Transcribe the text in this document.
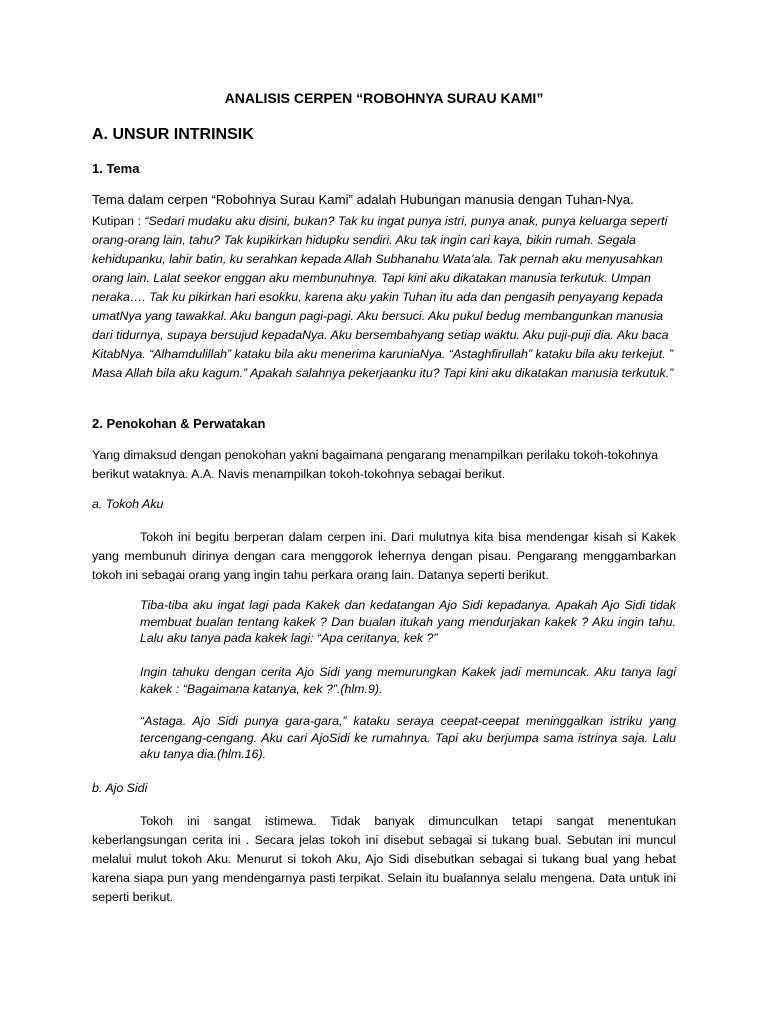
ANALISIS CERPEN “ROBOHNYA SURAU KAMI”
A. UNSUR INTRINSIK
1. Tema
Tema dalam cerpen “Robohnya Surau Kami” adalah Hubungan manusia dengan Tuhan-Nya.
Kutipan : “Sedari mudaku aku disini, bukan? Tak ku ingat punya istri, punya anak, punya keluarga seperti orang-orang lain, tahu? Tak kupikirkan hidupku sendiri. Aku tak ingin cari kaya, bikin rumah. Segala kehidupanku, lahir batin, ku serahkan kepada Allah Subhanahu Wata’ala. Tak pernah aku menyusahkan orang lain. Lalat seekor enggan aku membunuhnya. Tapi kini aku dikatakan manusia terkutuk. Umpan neraka…. Tak ku pikirkan hari esokku, karena aku yakin Tuhan itu ada dan pengasih penyayang kepada umatNya yang tawakkal. Aku bangun pagi-pagi. Aku bersuci. Aku pukul bedug membangunkan manusia dari tidurnya, supaya bersujud kepadaNya. Aku bersembahyang setiap waktu. Aku puji-puji dia. Aku baca KitabNya. “Alhamdulillah” kataku bila aku menerima karuniaNya. “Astaghfirullah” kataku bila aku terkejut. ” Masa Allah bila aku kagum.” Apakah salahnya pekerjaanku itu? Tapi kini aku dikatakan manusia terkutuk.”
2. Penokohan & Perwatakan
Yang dimaksud dengan penokohan yakni bagaimana pengarang menampilkan perilaku tokoh-tokohnya berikut wataknya. A.A. Navis menampilkan tokoh-tokohnya sebagai berikut.
a. Tokoh Aku
Tokoh ini begitu berperan dalam cerpen ini. Dari mulutnya kita bisa mendengar kisah si Kakek yang membunuh dirinya dengan cara menggorok lehernya dengan pisau. Pengarang menggambarkan tokoh ini sebagai orang yang ingin tahu perkara orang lain. Datanya seperti berikut.
Tiba-tiba aku ingat lagi pada Kakek dan kedatangan Ajo Sidi kepadanya. Apakah Ajo Sidi tidak membuat bualan tentang kakek ? Dan bualan itukah yang mendurjakan kakek ? Aku ingin tahu. Lalu aku tanya pada kakek lagi: “Apa ceritanya, kek ?”
Ingin tahuku dengan cerita Ajo Sidi yang memurungkan Kakek jadi memuncak. Aku tanya lagi kakek : “Bagaimana katanya, kek ?”.(hlm.9).
“Astaga. Ajo Sidi punya gara-gara,” kataku seraya ceepat-ceepat meninggalkan istriku yang tercengang-cengang. Aku cari AjoSidi ke rumahnya. Tapi aku berjumpa sama istrinya saja. Lalu aku tanya dia.(hlm.16).
b. Ajo Sidi
Tokoh ini sangat istimewa. Tidak banyak dimunculkan tetapi sangat menentukan keberlangsungan cerita ini . Secara jelas tokoh ini disebut sebagai si tukang bual. Sebutan ini muncul melalui mulut tokoh Aku. Menurut si tokoh Aku, Ajo Sidi disebutkan sebagai si tukang bual yang hebat karena siapa pun yang mendengarnya pasti terpikat. Selain itu bualannya selalu mengena. Data untuk ini seperti berikut.
